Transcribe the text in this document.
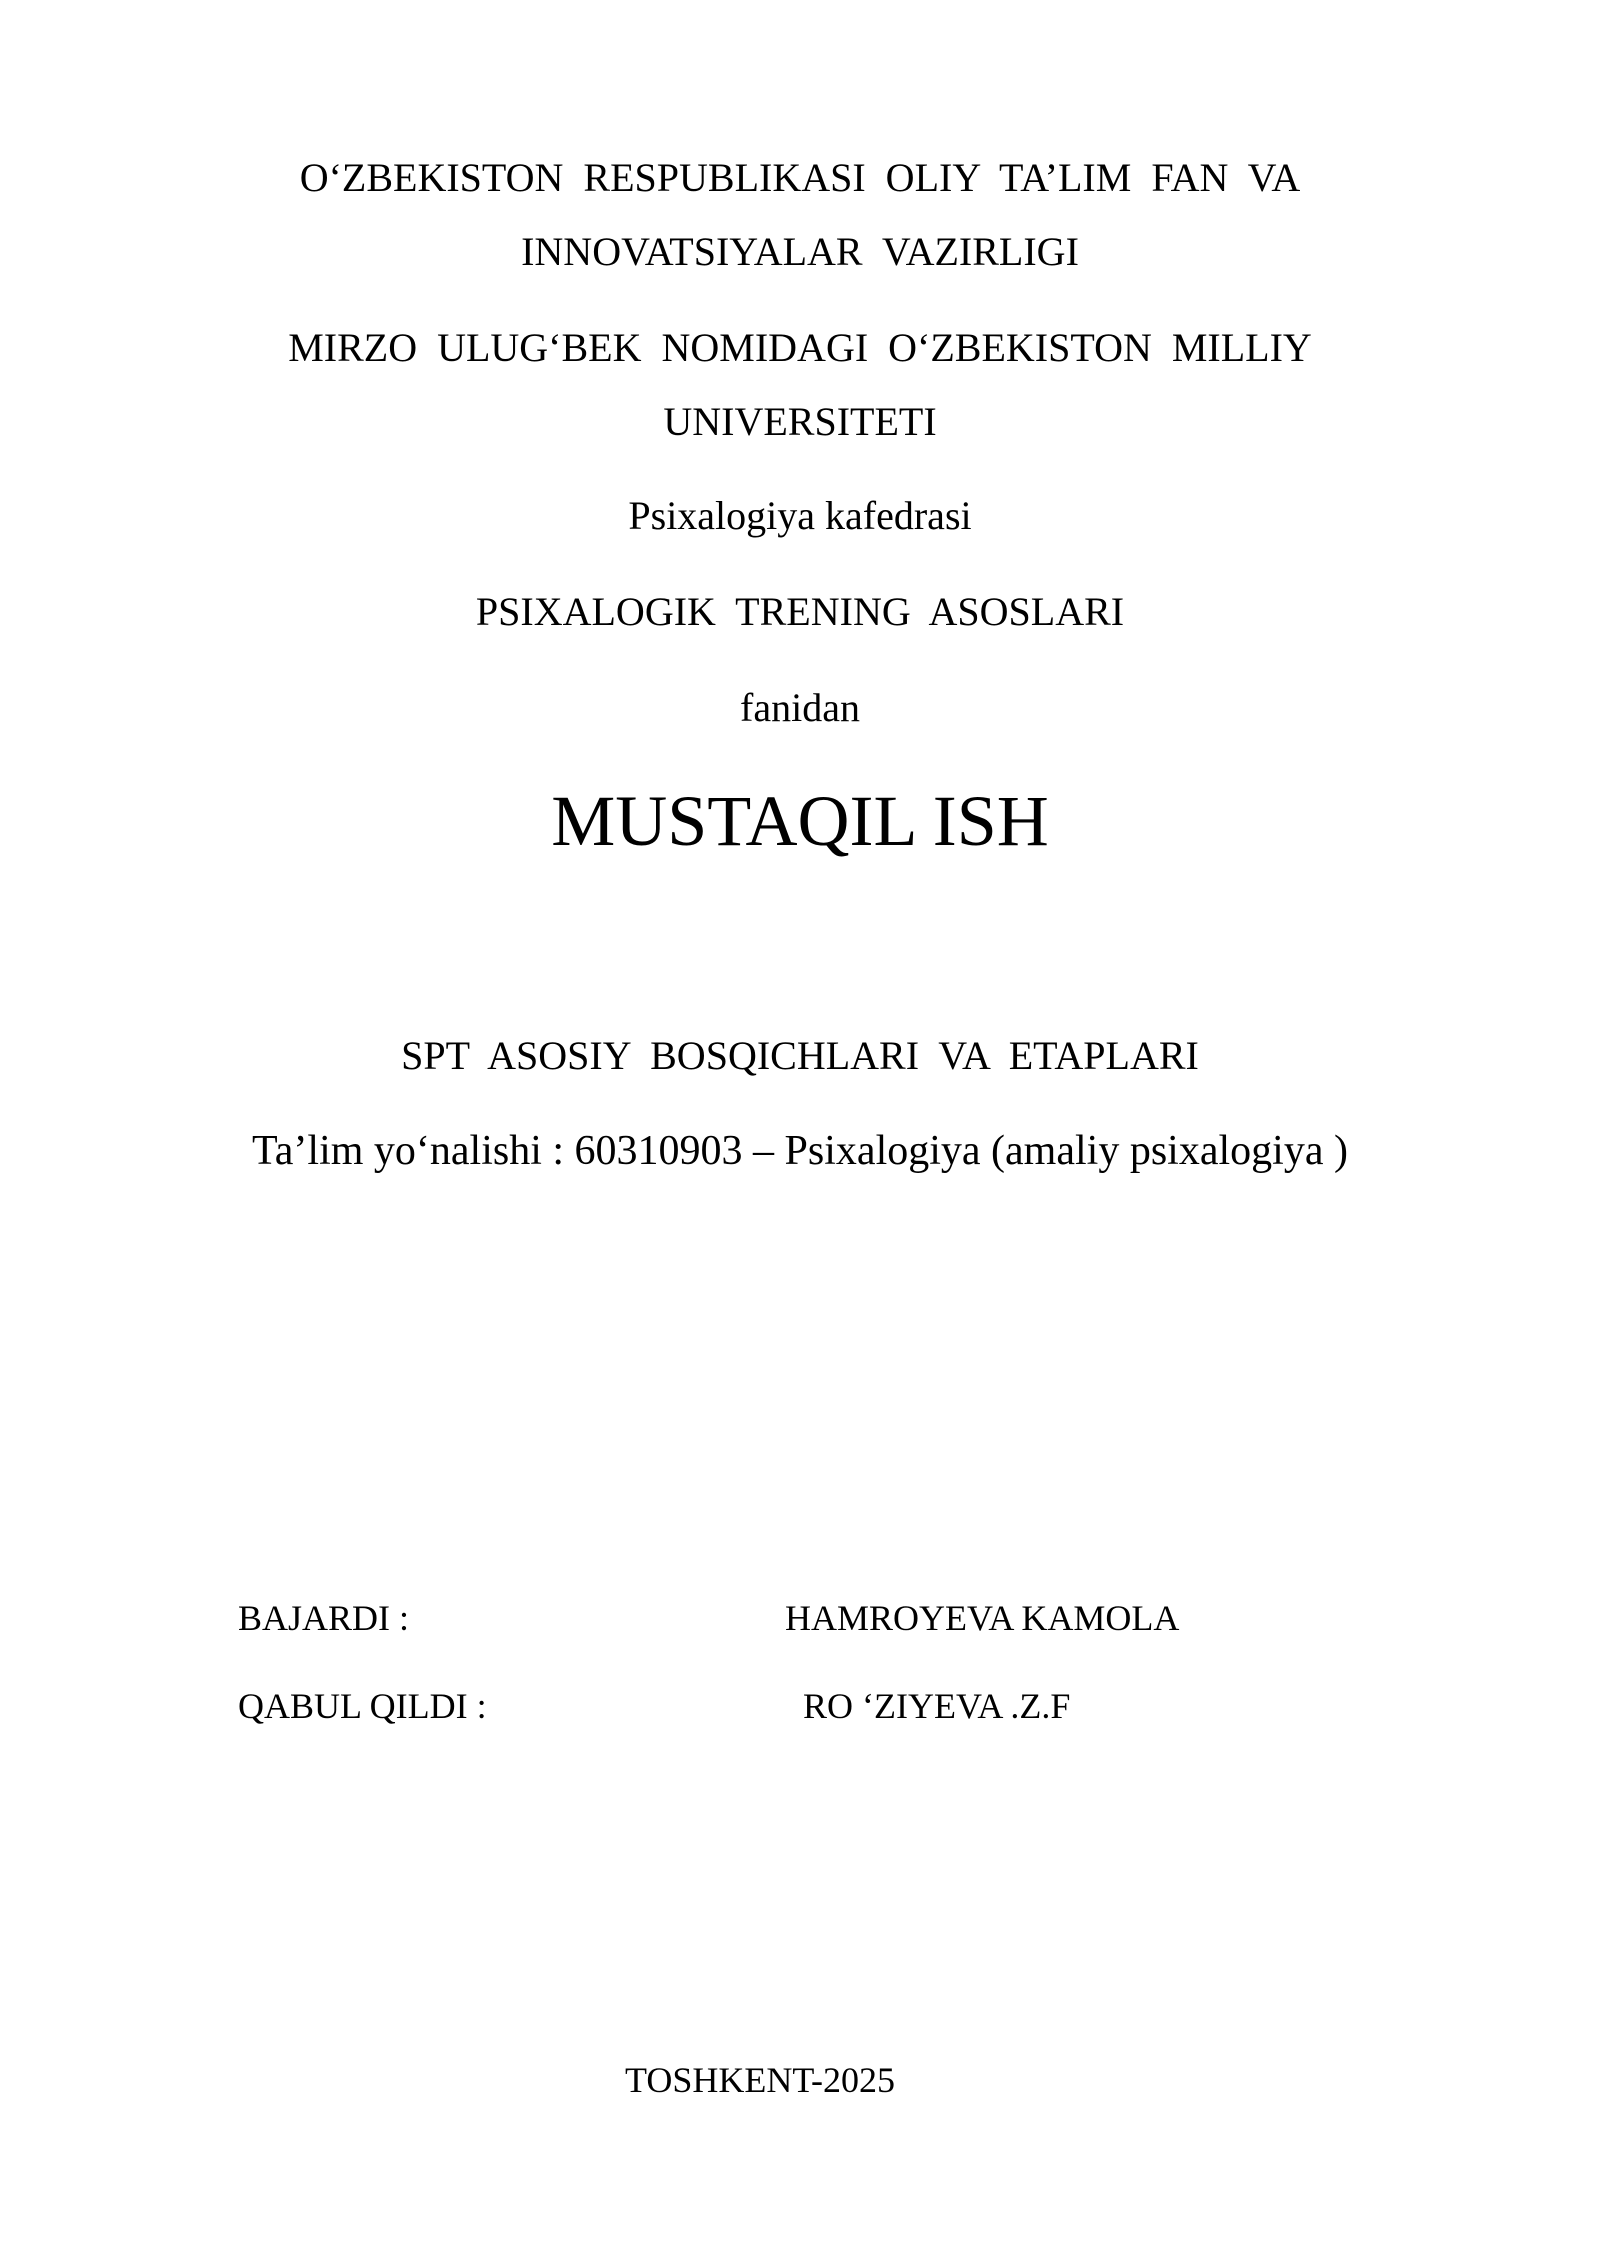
O‘ZBEKISTON RESPUBLIKASI OLIY TA’LIM FAN VA
INNOVATSIYALAR VAZIRLIGI
MIRZO ULUG‘BEK NOMIDAGI O‘ZBEKISTON MILLIY
UNIVERSITETI
Psixalogiya kafedrasi
PSIXALOGIK TRENING ASOSLARI
fanidan
MUSTAQIL ISH
SPT ASOSIY BOSQICHLARI VA ETAPLARI
Ta’lim yo‘nalishi : 60310903 – Psixalogiya (amaliy psixalogiya )
BAJARDI :	HAMROYEVA KAMOLA
QABUL QILDI :	RO ‘ZIYEVA .Z.F
TOSHKENT-2025
